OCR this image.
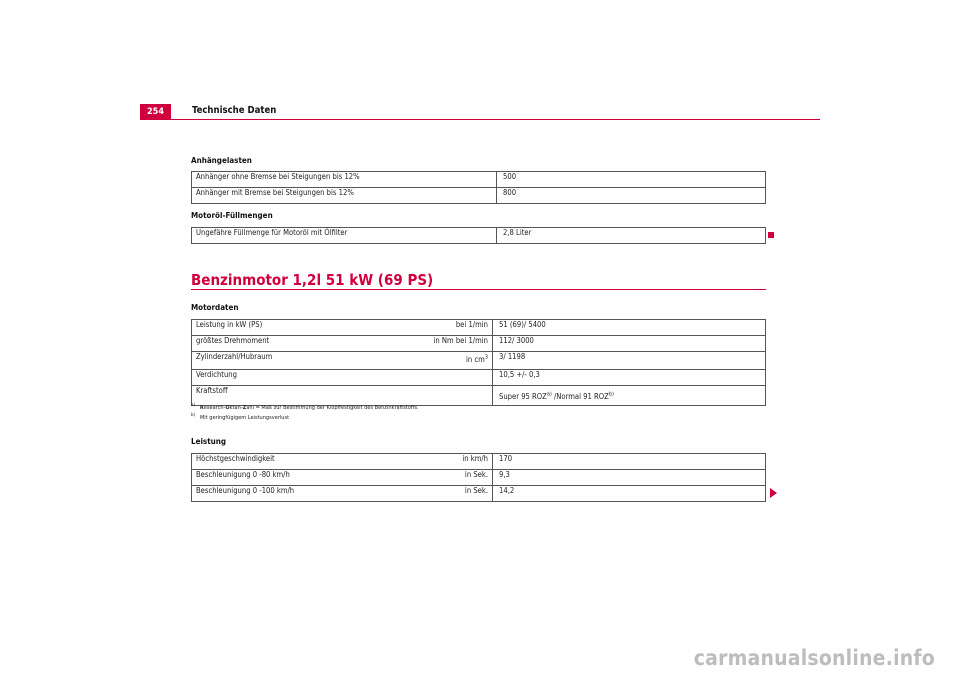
254	Technische Daten
Anhängelasten
Anhänger ohne Bremse bei Steigungen bis 12%	500
Anhänger mit Bremse bei Steigungen bis 12%	800
Motoröl-Füllmengen
Ungefähre Füllmenge für Motoröl mit Ölfilter	2,8 Liter
Benzinmotor 1,2l 51 kW (69 PS)
Motordaten
Leistung in kW (PS)	bei 1/min	51 (69)/ 5400
größtes Drehmoment	in Nm bei 1/min	112/ 3000
Zylinderzahl/Hubraum	in $cm^3$	3/ 1198
Verdichtung		10,5 +/- 0,3
Kraftstoff		Super 95 ROZ$^{a)}$ /Normal 91 ROZ$^{b)}$
$^{a)}$ Research-Oktan-Zahl = Maß zur Bestimmung der Klopffestigkeit des Benzinkraftstoffs.
$^{b)}$ Mit geringfügigem Leistungsverlust
Leistung
Höchstgeschwindigkeit	in km/h	170
Beschleunigung 0 -80 km/h	in Sek.	9,3
Beschleunigung 0 -100 km/h	in Sek.	14,2
carmanualsonline.info
